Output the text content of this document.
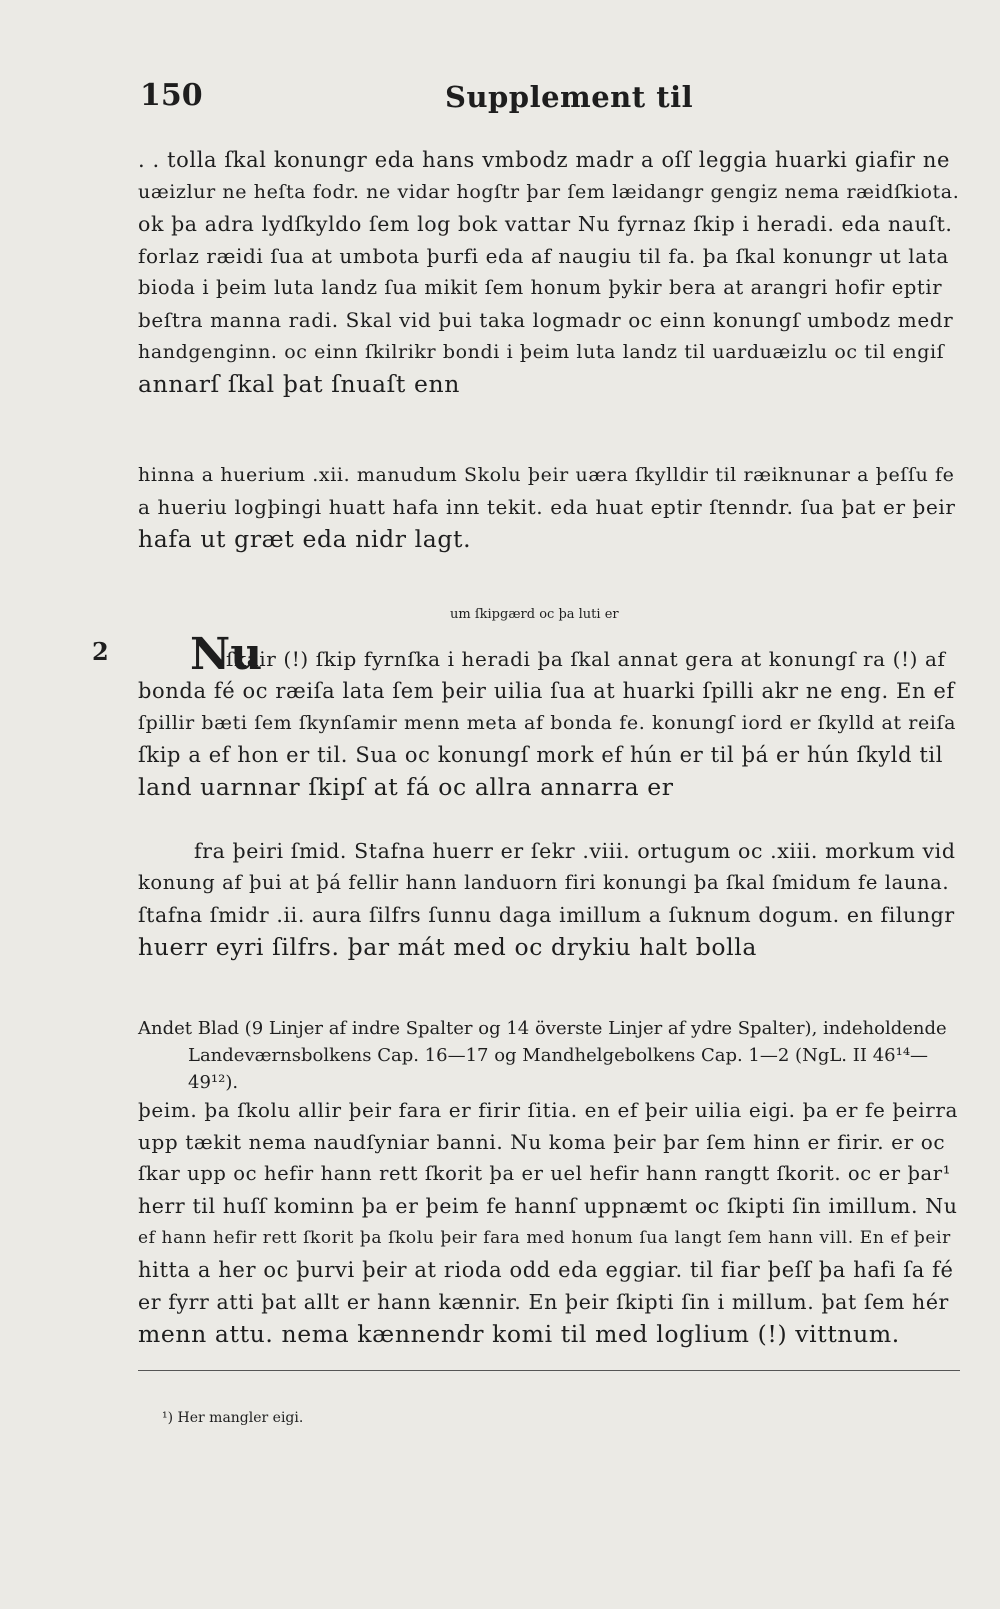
150	Supplement til
. . tolla ſkal konungr eda hans vmbodz madr a oſſ leggia huarki giafir ne
uæizlur ne heſta fodr. ne vidar hogſtr þar ſem læidangr gengiz nema ræidſkiota.
ok þa adra lydſkyldo ſem log bok vattar Nu fyrnaz ſkip i heradi. eda nauſt.
forlaz ræidi ſua at umbota þurfi eda af naugiu til fa. þa ſkal konungr ut lata
bioda i þeim luta landz ſua mikit ſem honum þykir bera at arangri hofir eptir
beſtra manna radi. Skal vid þui taka logmadr oc einn konungſ umbodz medr
handgenginn. oc einn ſkilrikr bondi i þeim luta landz til uarduæizlu oc til engiſ
annarſ ſkal þat ſnuaſt enn
hinna a huerium .xii. manudum Skolu þeir uæra ſkylldir til ræiknunar a þeſſu fe
a hueriu logþingi huatt hafa inn tekit. eda huat eptir ſtenndr. ſua þat er þeir
hafa ut græt eda nidr lagt.
um ſkipgærd oc þa luti er
2 Nu
ſkair (!) ſkip fyrnſka i heradi þa ſkal annat gera at konungſ ra (!) af
bonda fé oc ræiſa lata ſem þeir uilia ſua at huarki ſpilli akr ne eng. En ef
ſpillir bæti ſem ſkynſamir menn meta af bonda fe. konungſ iord er ſkylld at reiſa
ſkip a ef hon er til. Sua oc konungſ mork ef hún er til þá er hún ſkyld til
land uarnnar ſkipſ at fá oc allra annarra er
fra þeiri ſmid. Stafna huerr er ſekr .viii. ortugum oc .xiii. morkum vid
konung af þui at þá fellir hann landuorn firi konungi þa ſkal ſmidum fe launa.
ſtafna ſmidr .ii. aura ſilfrs ſunnu daga imillum a ſuknum dogum. en filungr
huerr eyri ſilfrs. þar mát med oc drykiu halt bolla
Andet Blad (9 Linjer af indre Spalter og 14 överste Linjer af ydre Spalter), indeholdende
Landeværnsbolkens Cap. 16—17 og Mandhelgebolkens Cap. 1—2 (NgL. II 46¹⁴—49¹²).
þeim. þa ſkolu allir þeir fara er firir ſitia. en ef þeir uilia eigi. þa er fe þeirra
upp tækit nema naudſyniar banni. Nu koma þeir þar ſem hinn er firir. er oc
ſkar upp oc hefir hann rett ſkorit þa er uel hefir hann rangtt ſkorit. oc er þar¹
herr til huſſ kominn þa er þeim fe hannſ uppnæmt oc ſkipti ſin imillum. Nu
ef hann hefir rett ſkorit þa ſkolu þeir fara med honum ſua langt ſem hann vill. En ef þeir
hitta a her oc þurvi þeir at rioda odd eda eggiar. til fiar þeſſ þa hafi ſa fé
er fyrr atti þat allt er hann kænnir. En þeir ſkipti ſin i millum. þat ſem hér
menn attu. nema kænnendr komi til med loglium (!) vittnum.
¹) Her mangler eigi.
